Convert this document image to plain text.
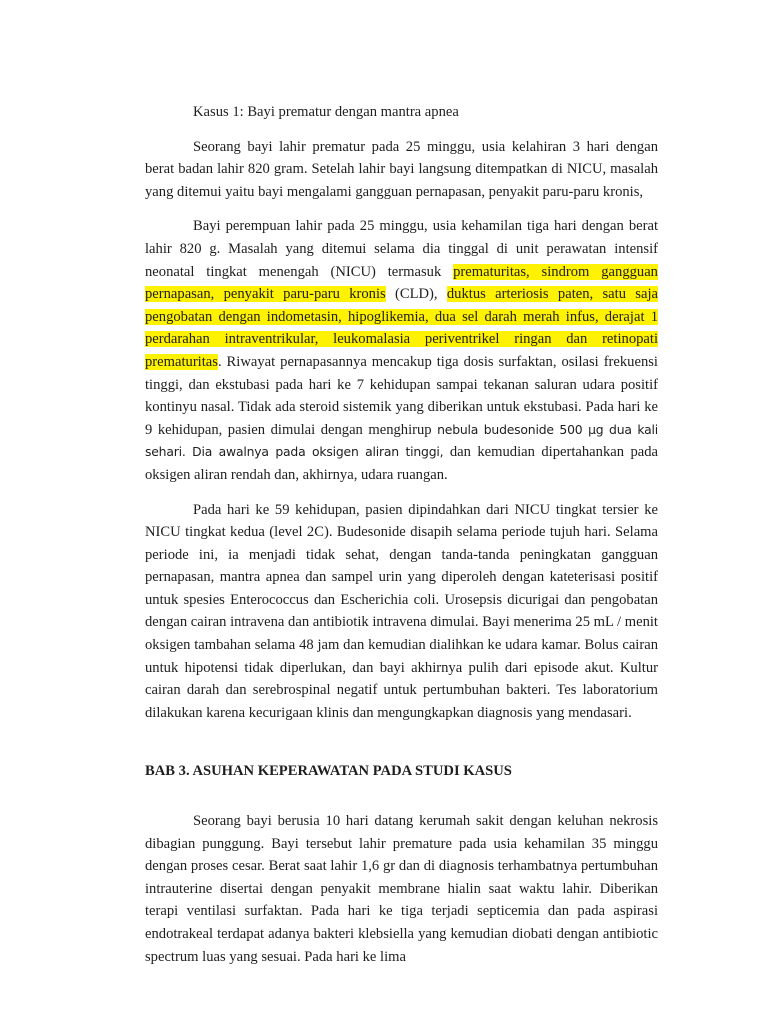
Kasus 1: Bayi prematur dengan mantra apnea

Seorang bayi lahir prematur pada 25 minggu, usia kelahiran 3 hari dengan berat badan lahir 820 gram. Setelah lahir bayi langsung ditempatkan di NICU, masalah yang ditemui yaitu bayi mengalami gangguan pernapasan, penyakit paru-paru kronis,

Bayi perempuan lahir pada 25 minggu, usia kehamilan tiga hari dengan berat lahir 820 g. Masalah yang ditemui selama dia tinggal di unit perawatan intensif neonatal tingkat menengah (NICU) termasuk prematuritas, sindrom gangguan pernapasan, penyakit paru-paru kronis (CLD), duktus arteriosis paten, satu saja pengobatan dengan indometasin, hipoglikemia, dua sel darah merah infus, derajat 1 perdarahan intraventrikular, leukomalasia periventrikel ringan dan retinopati prematuritas. Riwayat pernapasannya mencakup tiga dosis surfaktan, osilasi frekuensi tinggi, dan ekstubasi pada hari ke 7 kehidupan sampai tekanan saluran udara positif kontinyu nasal. Tidak ada steroid sistemik yang diberikan untuk ekstubasi. Pada hari ke 9 kehidupan, pasien dimulai dengan menghirup nebula budesonide 500 µg dua kali sehari. Dia awalnya pada oksigen aliran tinggi, dan kemudian dipertahankan pada oksigen aliran rendah dan, akhirnya, udara ruangan.

Pada hari ke 59 kehidupan, pasien dipindahkan dari NICU tingkat tersier ke NICU tingkat kedua (level 2C). Budesonide disapih selama periode tujuh hari. Selama periode ini, ia menjadi tidak sehat, dengan tanda-tanda peningkatan gangguan pernapasan, mantra apnea dan sampel urin yang diperoleh dengan kateterisasi positif untuk spesies Enterococcus dan Escherichia coli. Urosepsis dicurigai dan pengobatan dengan cairan intravena dan antibiotik intravena dimulai. Bayi menerima 25 mL / menit oksigen tambahan selama 48 jam dan kemudian dialihkan ke udara kamar. Bolus cairan untuk hipotensi tidak diperlukan, dan bayi akhirnya pulih dari episode akut. Kultur cairan darah dan serebrospinal negatif untuk pertumbuhan bakteri. Tes laboratorium dilakukan karena kecurigaan klinis dan mengungkapkan diagnosis yang mendasari.

BAB 3. ASUHAN KEPERAWATAN PADA STUDI KASUS

Seorang bayi berusia 10 hari datang kerumah sakit dengan keluhan nekrosis dibagian punggung. Bayi tersebut lahir premature pada usia kehamilan 35 minggu dengan proses cesar. Berat saat lahir 1,6 gr dan di diagnosis terhambatnya pertumbuhan intrauterine disertai dengan penyakit membrane hialin saat waktu lahir. Diberikan terapi ventilasi surfaktan. Pada hari ke tiga terjadi septicemia dan pada aspirasi endotrakeal terdapat adanya bakteri klebsiella yang kemudian diobati dengan antibiotic spectrum luas yang sesuai. Pada hari ke lima
